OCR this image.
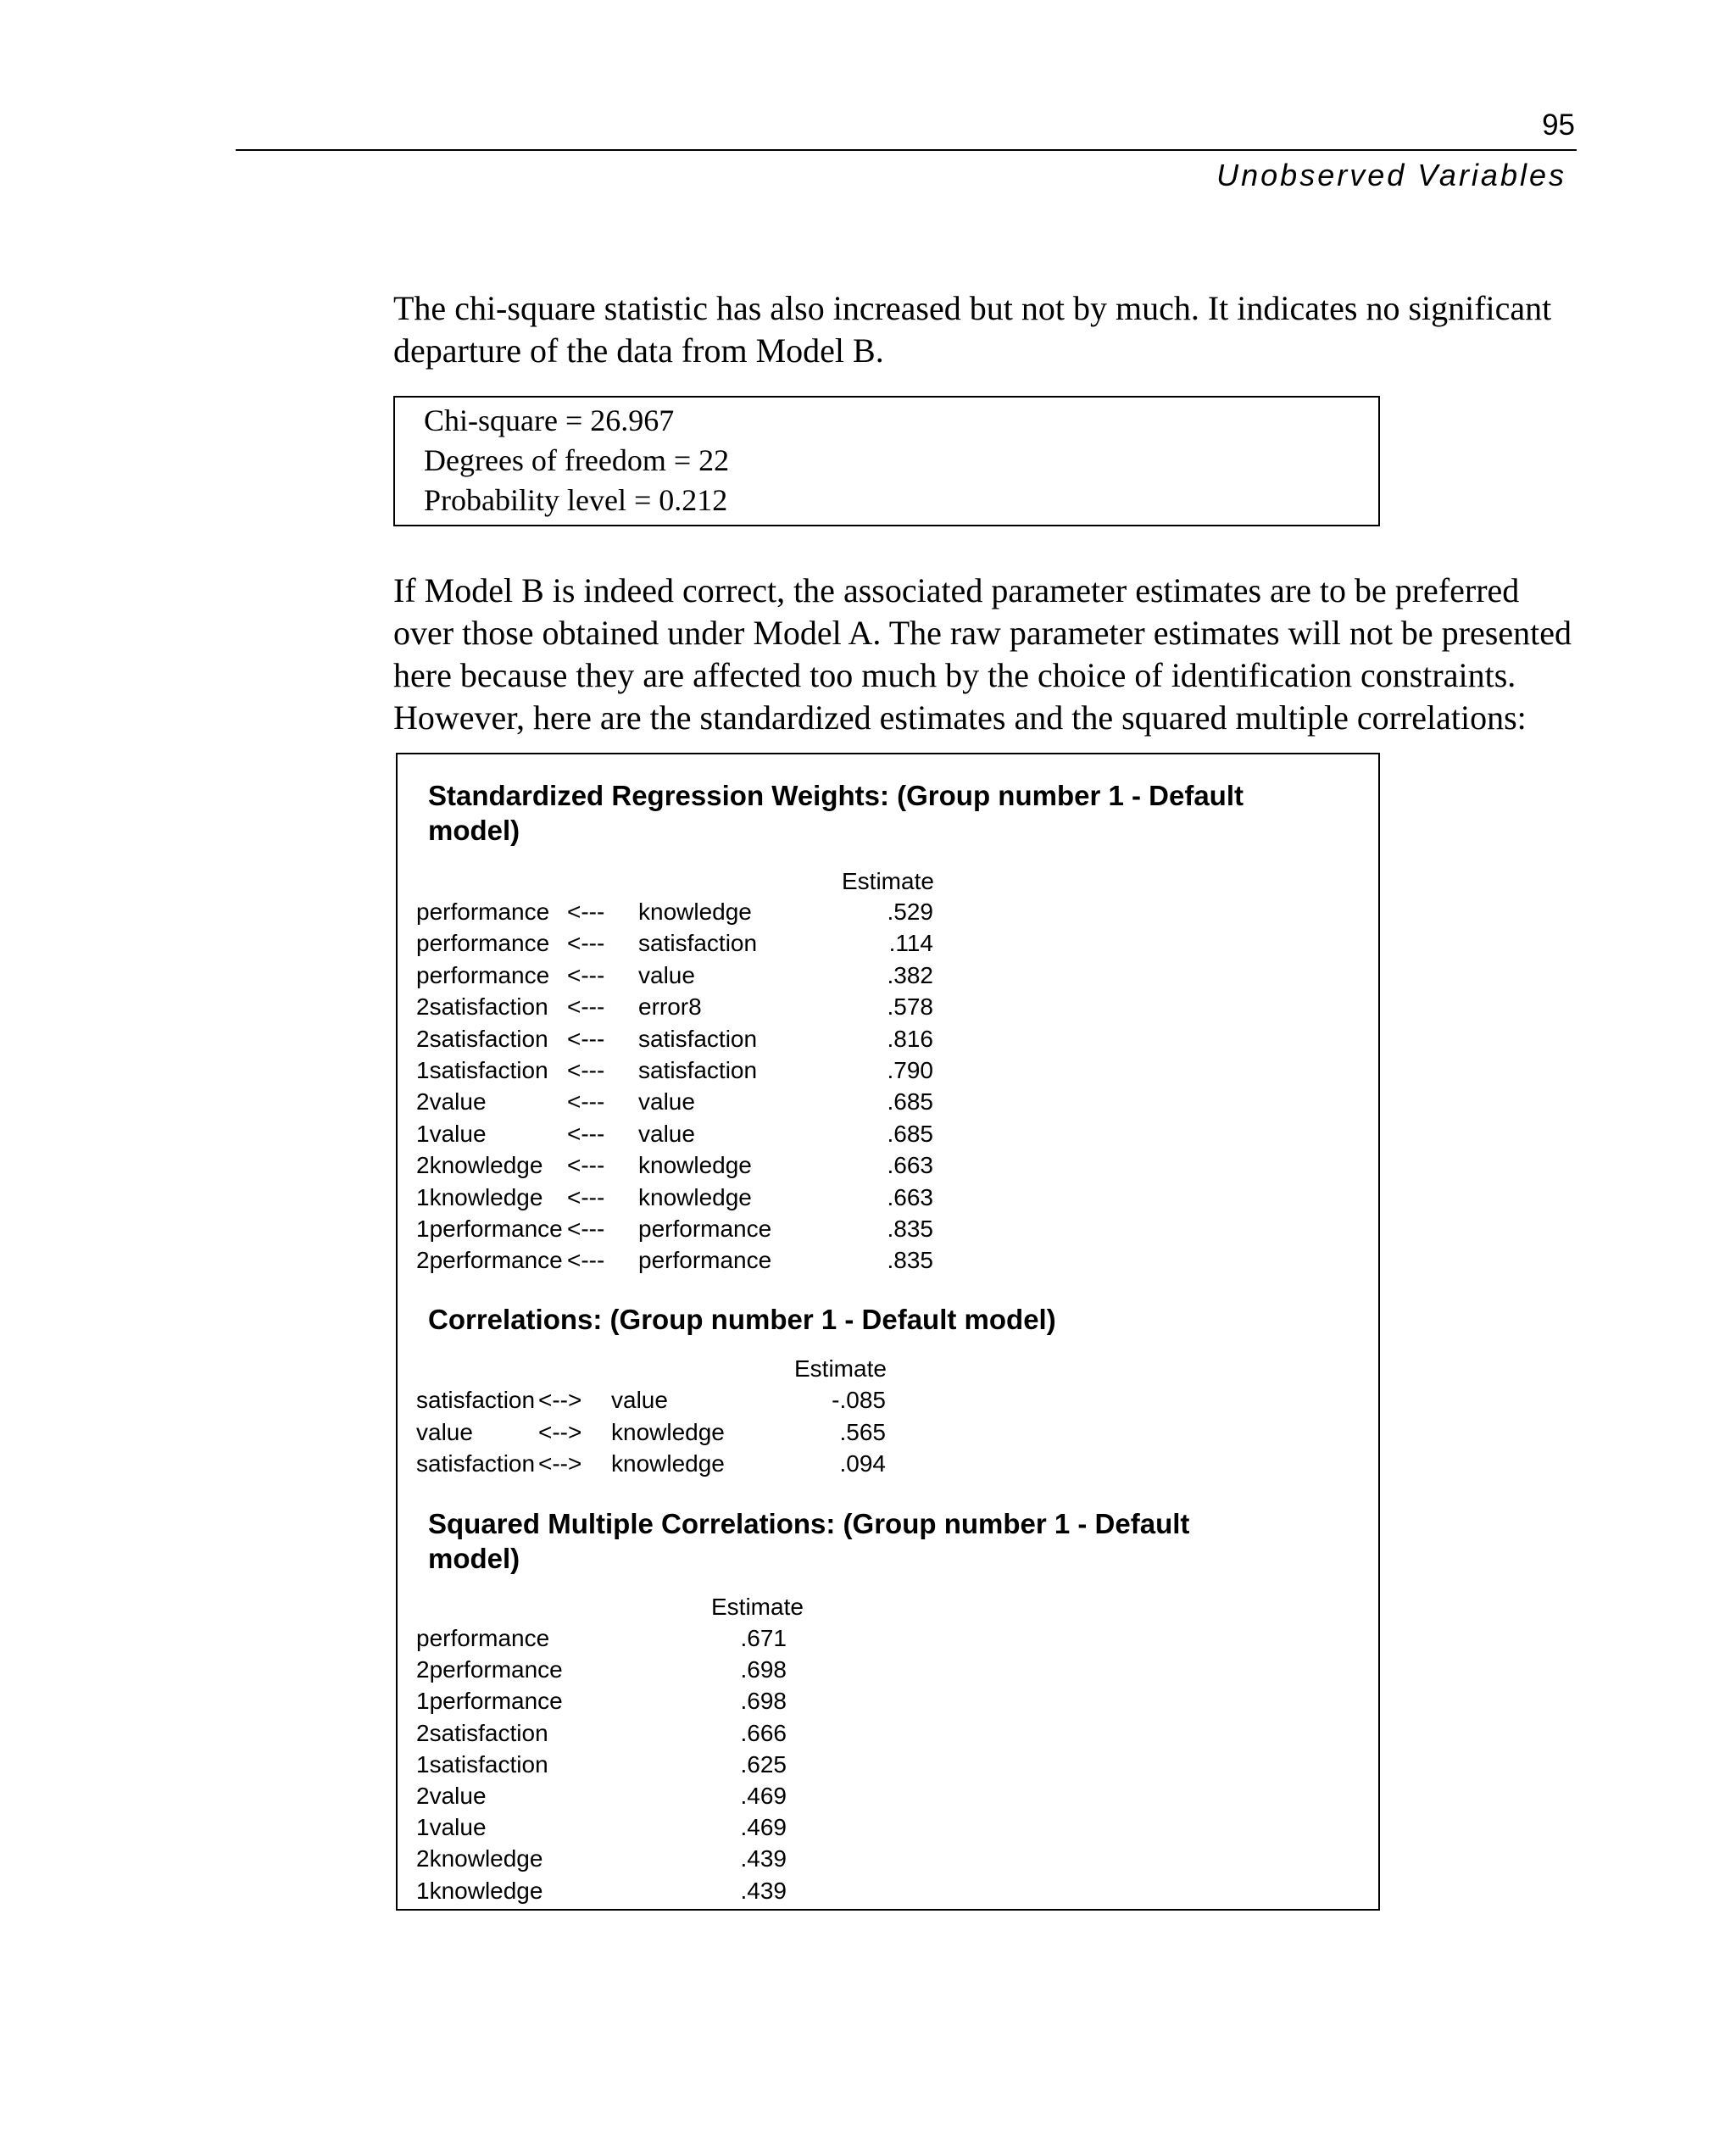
95
Unobserved Variables
The chi-square statistic has also increased but not by much. It indicates no significant
departure of the data from Model B.
Chi-square = 26.967
Degrees of freedom = 22
Probability level = 0.212
If Model B is indeed correct, the associated parameter estimates are to be preferred
over those obtained under Model A. The raw parameter estimates will not be presented
here because they are affected too much by the choice of identification constraints.
However, here are the standardized estimates and the squared multiple correlations:
Standardized Regression Weights: (Group number 1 - Default
model)
Estimate
performance <--- knowledge	.529
performance <--- satisfaction	.114
performance <--- value	.382
2satisfaction <--- error8	.578
2satisfaction <--- satisfaction	.816
1satisfaction <--- satisfaction	.790
2value	<--- value	.685
1value	<--- value	.685
2knowledge <--- knowledge	.663
1knowledge <--- knowledge	.663
1performance <--- performance	.835
2performance <--- performance	.835
Correlations: (Group number 1 - Default model)
Estimate
satisfaction <--> value	-.085
value	<--> knowledge	.565
satisfaction <--> knowledge	.094
Squared Multiple Correlations: (Group number 1 - Default
model)
Estimate
performance	.671
2performance	.698
1performance	.698
2satisfaction	.666
1satisfaction	.625
2value	.469
1value	.469
2knowledge	.439
1knowledge	.439
